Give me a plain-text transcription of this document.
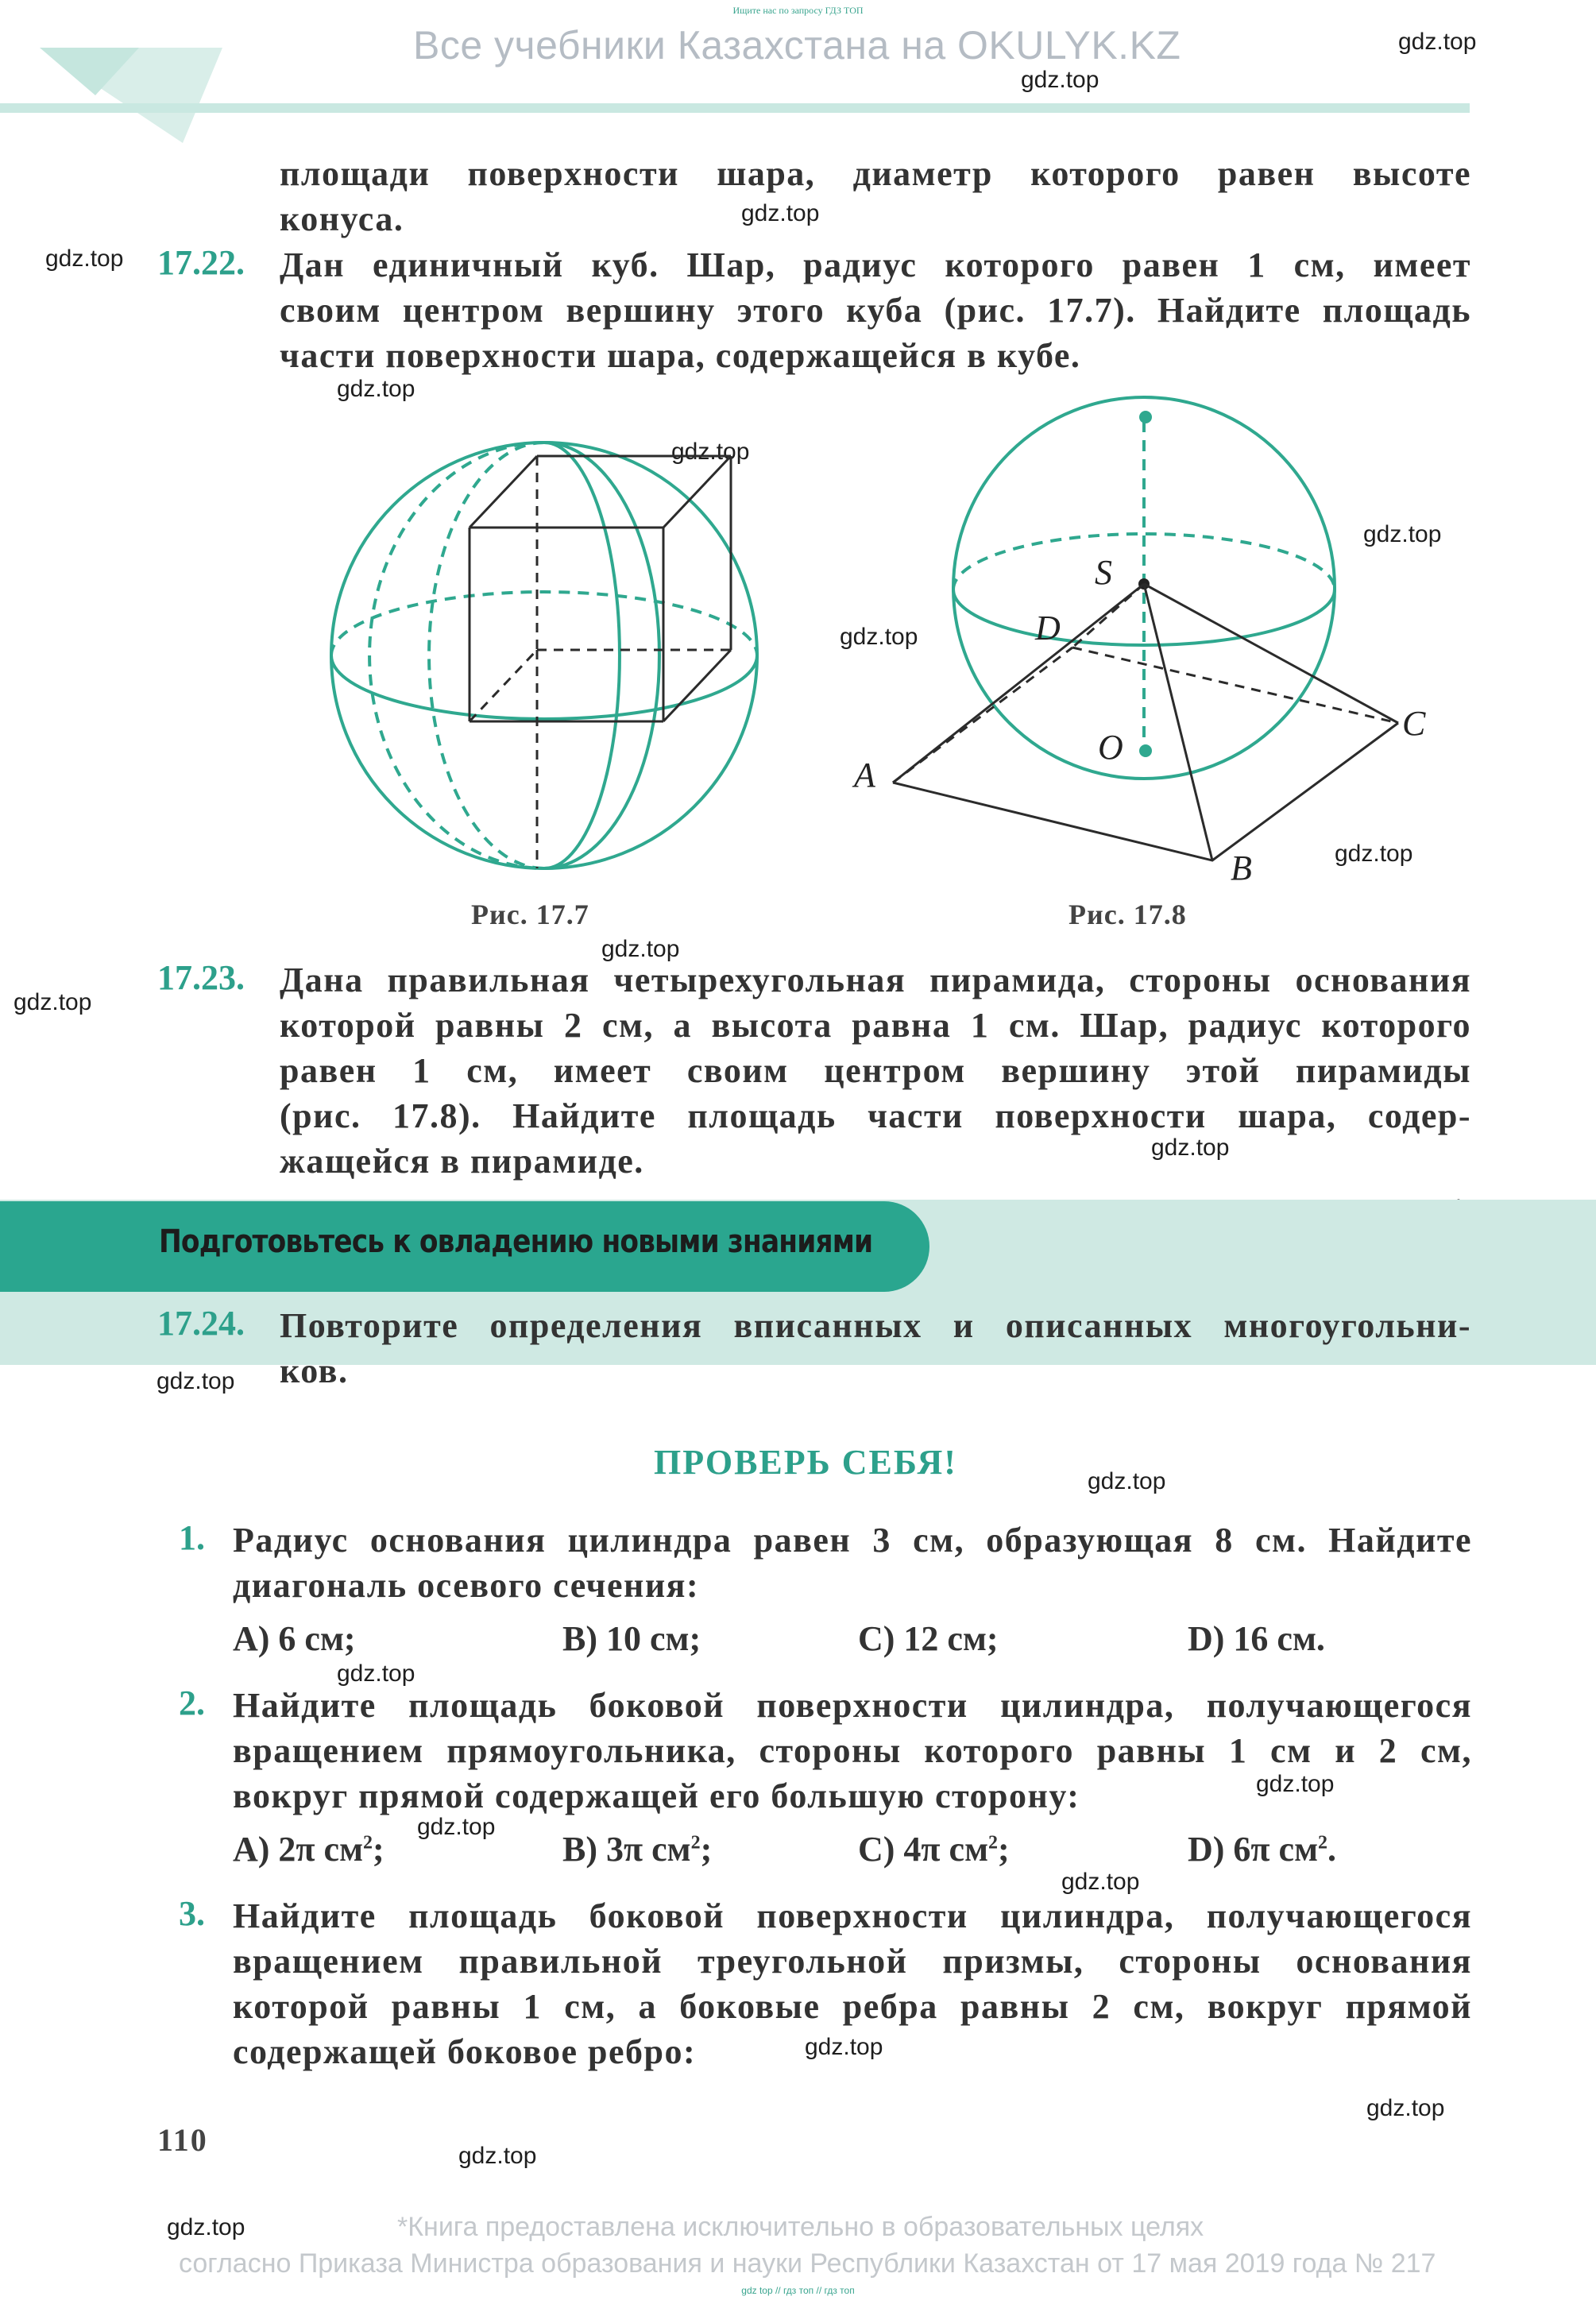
Ищите нас по запросу ГДЗ ТОП
Все учебники Казахстана на OKULYK.KZ	gdz.top
gdz.top
gdz.top
gdz.top
gdz.top
gdz.top
gdz.top
gdz.top
gdz.top
gdz.top
gdz.top
gdz.top
gdz.top
gdz.top
gdz.top
gdz.top
gdz.top
gdz.top
gdz.top
gdz.top
gdz.top
gdz.top
площади поверхности шара, диаметр которого равен высоте
конуса.
17.22. Дан единичный куб. Шар, радиус которого равен 1 см, имеет
своим центром вершину этого куба (рис. 17.7). Найдите площадь
части поверхности шара, содержащейся в кубе.
Рис. 17.7
S
D
C
A
B
O
Рис. 17.8
17.23. Дана правильная четырехугольная пирамида, стороны основания
которой равны 2 см, а высота равна 1 см. Шар, радиус которого
равен 1 см, имеет своим центром вершину этой пирамиды
(рис. 17.8). Найдите площадь части поверхности шара, содер-
жащейся в пирамиде.
Подготовьтесь к овладению новыми знаниями
17.24. Повторите определения вписанных и описанных многоугольни-
ков.
ПРОВЕРЬ СЕБЯ!
1. Радиус основания цилиндра равен 3 см, образующая 8 см. Найдите
диагональ осевого сечения:
A) 6 см;	B) 10 см;	C) 12 см;	D) 16 см.
2. Найдите площадь боковой поверхности цилиндра, получающегося
вращением прямоугольника, стороны которого равны 1 см и 2 см,
вокруг прямой содержащей его большую сторону:
A) 2π $см^2$;	B) 3π $см^2$;	C) 4π $см^2$;	D) 6π $см^2$.
3. Найдите площадь боковой поверхности цилиндра, получающегося
вращением правильной треугольной призмы, стороны основания
которой равны 1 см, а боковые ребра равны 2 см, вокруг прямой
содержащей боковое ребро:
110
*Книга предоставлена исключительно в образовательных целях
согласно Приказа Министра образования и науки Республики Казахстан от 17 мая 2019 года № 217
gdz top // гдз топ // гдз топ
